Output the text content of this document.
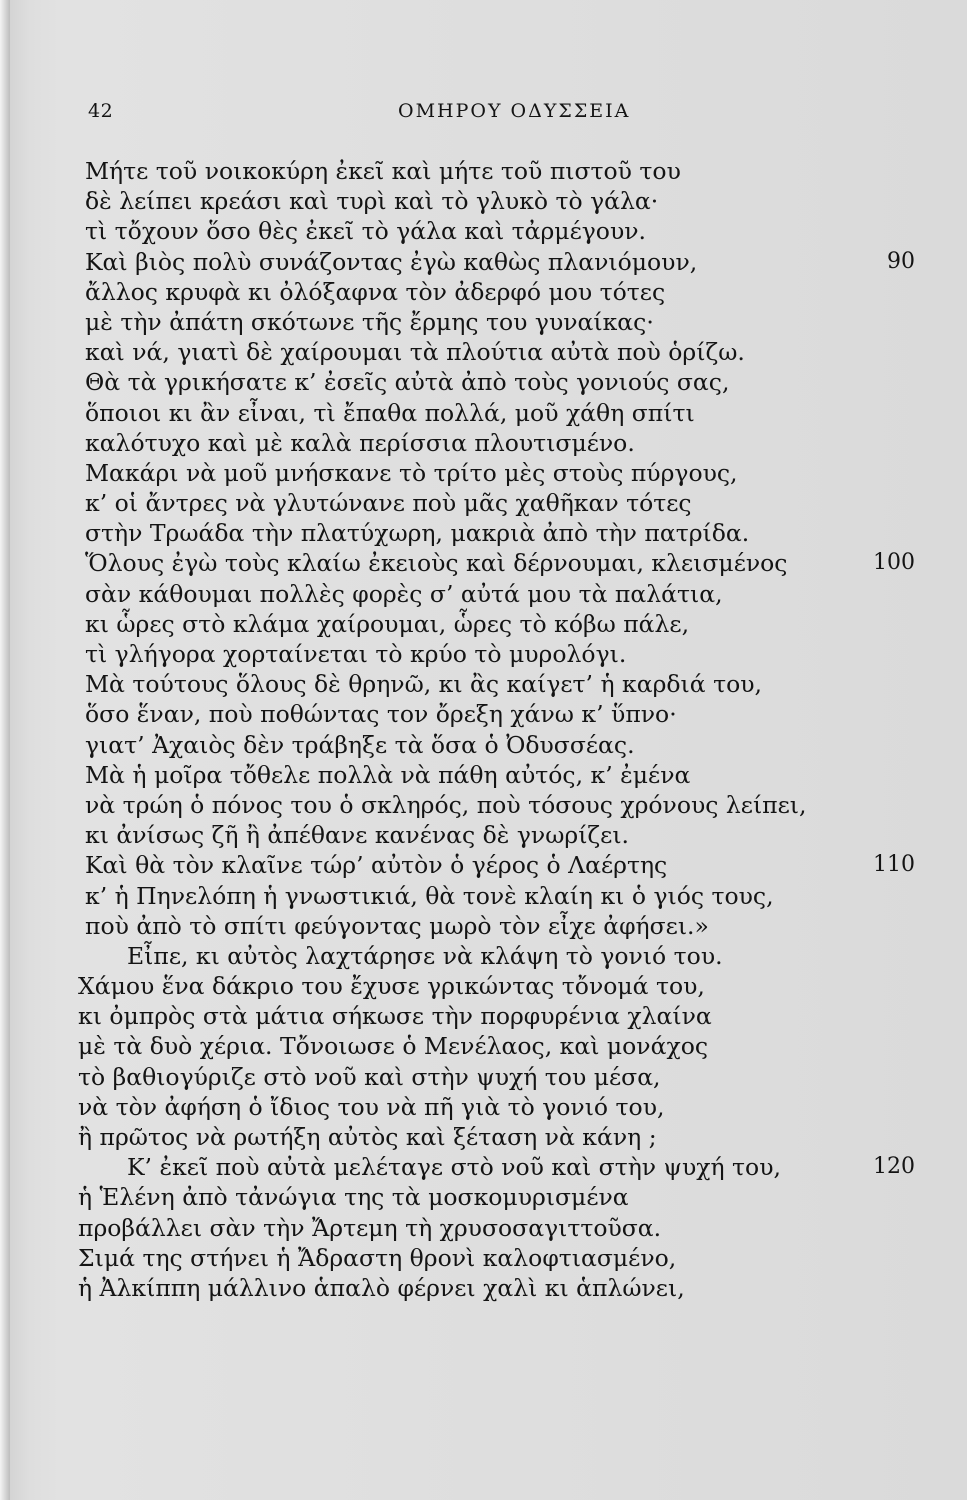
42	ΟΜΗΡΟΥ ΟΔΥΣΣΕΙΑ
Μήτε τοῦ νοικοκύρη ἐκεῖ καὶ μήτε τοῦ πιστοῦ του
δὲ λείπει κρεάσι καὶ τυρὶ καὶ τὸ γλυκὸ τὸ γάλα·
τὶ τὄχουν ὅσο θὲς ἐκεῖ τὸ γάλα καὶ τἀρμέγουν.
Καὶ βιὸς πολὺ συνάζοντας ἐγὼ καθὼς πλανιόμουν,	90
ἄλλος κρυφὰ κι ὀλόξαφνα τὸν ἀδερφό μου τότες
μὲ τὴν ἀπάτη σκότωνε τῆς ἔρμης του γυναίκας·
καὶ νά, γιατὶ δὲ χαίρουμαι τὰ πλούτια αὐτὰ ποὺ ὁρίζω.
Θὰ τὰ γρικήσατε κ’ ἐσεῖς αὐτὰ ἀπὸ τοὺς γονιούς σας,
ὅποιοι κι ἂν εἶναι, τὶ ἔπαθα πολλά, μοῦ χάθη σπίτι
καλότυχο καὶ μὲ καλὰ περίσσια πλουτισμένο.
Μακάρι νὰ μοῦ μνήσκανε τὸ τρίτο μὲς στοὺς πύργους,
κ’ οἱ ἄντρες νὰ γλυτώνανε ποὺ μᾶς χαθῆκαν τότες
στὴν Τρωάδα τὴν πλατύχωρη, μακριὰ ἀπὸ τὴν πατρίδα.
Ὅλους ἐγὼ τοὺς κλαίω ἐκειοὺς καὶ δέρνουμαι, κλεισμένος	100
σὰν κάθουμαι πολλὲς φορὲς σ’ αὐτά μου τὰ παλάτια,
κι ὧρες στὸ κλάμα χαίρουμαι, ὧρες τὸ κόβω πάλε,
τὶ γλήγορα χορταίνεται τὸ κρύο τὸ μυρολόγι.
Μὰ τούτους ὅλους δὲ θρηνῶ, κι ἂς καίγετ’ ἡ καρδιά του,
ὅσο ἕναν, ποὺ ποθώντας τον ὄρεξη χάνω κ’ ὕπνο·
γιατ’ Ἀχαιὸς δὲν τράβηξε τὰ ὅσα ὁ Ὀδυσσέας.
Μὰ ἡ μοῖρα τὄθελε πολλὰ νὰ πάθη αὐτός, κ’ ἐμένα
νὰ τρώη ὁ πόνος του ὁ σκληρός, ποὺ τόσους χρόνους λείπει,
κι ἀνίσως ζῆ ἢ ἀπέθανε κανένας δὲ γνωρίζει.
Καὶ θὰ τὸν κλαῖνε τώρ’ αὐτὸν ὁ γέρος ὁ Λαέρτης	110
κ’ ἡ Πηνελόπη ἡ γνωστικιά, θὰ τονὲ κλαίη κι ὁ γιός τους,
ποὺ ἀπὸ τὸ σπίτι φεύγοντας μωρὸ τὸν εἶχε ἀφήσει.»
Εἶπε, κι αὐτὸς λαχτάρησε νὰ κλάψη τὸ γονιό του.
Χάμου ἕνα δάκριο του ἔχυσε γρικώντας τὄνομά του,
κι ὀμπρὸς στὰ μάτια σήκωσε τὴν πορφυρένια χλαίνα
μὲ τὰ δυὸ χέρια. Τὄνοιωσε ὁ Μενέλαος, καὶ μονάχος
τὸ βαθιογύριζε στὸ νοῦ καὶ στὴν ψυχή του μέσα,
νὰ τὸν ἀφήση ὁ ἴδιος του νὰ πῆ γιὰ τὸ γονιό του,
ἢ πρῶτος νὰ ρωτήξη αὐτὸς καὶ ξέταση νὰ κάνη ;
Κ’ ἐκεῖ ποὺ αὐτὰ μελέταγε στὸ νοῦ καὶ στὴν ψυχή του,	120
ἡ Ἑλένη ἀπὸ τἀνώγια της τὰ μοσκομυρισμένα
προβάλλει σὰν τὴν Ἄρτεμη τὴ χρυσοσαγιττοῦσα.
Σιμά της στήνει ἡ Ἄδραστη θρονὶ καλοφτιασμένο,
ἡ Ἀλκίππη μάλλινο ἁπαλὸ φέρνει χαλὶ κι ἁπλώνει,
